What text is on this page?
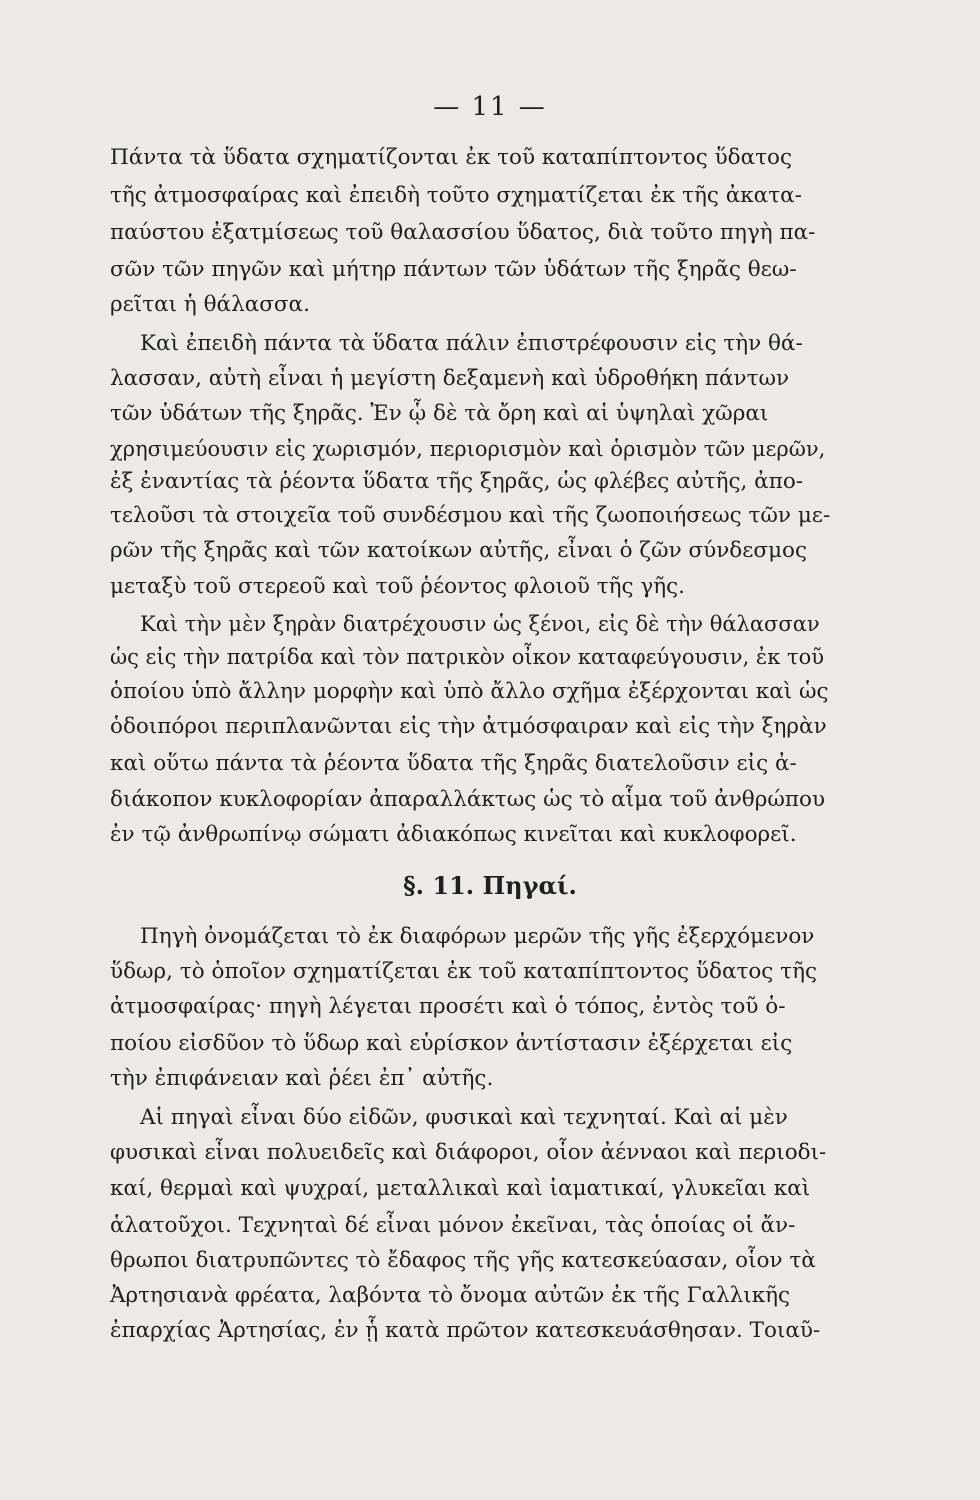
— 11 —
Πάντα τὰ ὕδατα σχηματίζονται ἐκ τοῦ καταπίπτοντος ὕδατος
τῆς ἀτμοσφαίρας καὶ ἐπειδὴ τοῦτο σχηματίζεται ἐκ τῆς ἀκατα-
παύστου ἐξατμίσεως τοῦ θαλασσίου ὕδατος, διὰ τοῦτο πηγὴ πα-
σῶν τῶν πηγῶν καὶ μήτηρ πάντων τῶν ὑδάτων τῆς ξηρᾶς θεω-
ρεῖται ἡ θάλασσα.
Καὶ ἐπειδὴ πάντα τὰ ὕδατα πάλιν ἐπιστρέφουσιν εἰς τὴν θά-
λασσαν, αὐτὴ εἶναι ἡ μεγίστη δεξαμενὴ καὶ ὑδροθήκη πάντων
τῶν ὑδάτων τῆς ξηρᾶς. Ἐν ᾧ δὲ τὰ ὄρη καὶ αἱ ὑψηλαὶ χῶραι
χρησιμεύουσιν εἰς χωρισμόν, περιορισμὸν καὶ ὁρισμὸν τῶν μερῶν,
ἐξ ἐναντίας τὰ ῥέοντα ὕδατα τῆς ξηρᾶς, ὡς φλέβες αὐτῆς, ἀπο-
τελοῦσι τὰ στοιχεῖα τοῦ συνδέσμου καὶ τῆς ζωοποιήσεως τῶν με-
ρῶν τῆς ξηρᾶς καὶ τῶν κατοίκων αὐτῆς, εἶναι ὁ ζῶν σύνδεσμος
μεταξὺ τοῦ στερεοῦ καὶ τοῦ ῥέοντος φλοιοῦ τῆς γῆς.
Καὶ τὴν μὲν ξηρὰν διατρέχουσιν ὡς ξένοι, εἰς δὲ τὴν θάλασσαν
ὡς εἰς τὴν πατρίδα καὶ τὸν πατρικὸν οἶκον καταφεύγουσιν, ἐκ τοῦ
ὁποίου ὑπὸ ἄλλην μορφὴν καὶ ὑπὸ ἄλλο σχῆμα ἐξέρχονται καὶ ὡς
ὁδοιπόροι περιπλανῶνται εἰς τὴν ἀτμόσφαιραν καὶ εἰς τὴν ξηρὰν
καὶ οὕτω πάντα τὰ ῥέοντα ὕδατα τῆς ξηρᾶς διατελοῦσιν εἰς ἀ-
διάκοπον κυκλοφορίαν ἀπαραλλάκτως ὡς τὸ αἷμα τοῦ ἀνθρώπου
ἐν τῷ ἀνθρωπίνῳ σώματι ἀδιακόπως κινεῖται καὶ κυκλοφορεῖ.
§. 11. Πηγαί.
Πηγὴ ὀνομάζεται τὸ ἐκ διαφόρων μερῶν τῆς γῆς ἐξερχόμενον
ὕδωρ, τὸ ὁποῖον σχηματίζεται ἐκ τοῦ καταπίπτοντος ὕδατος τῆς
ἀτμοσφαίρας· πηγὴ λέγεται προσέτι καὶ ὁ τόπος, ἐντὸς τοῦ ὁ-
ποίου εἰσδῦον τὸ ὕδωρ καὶ εὑρίσκον ἀντίστασιν ἐξέρχεται εἰς
τὴν ἐπιφάνειαν καὶ ῥέει ἐπ᾽ αὐτῆς.
Αἱ πηγαὶ εἶναι δύο εἰδῶν, φυσικαὶ καὶ τεχνηταί. Καὶ αἱ μὲν
φυσικαὶ εἶναι πολυειδεῖς καὶ διάφοροι, οἷον ἀένναοι καὶ περιοδι-
καί, θερμαὶ καὶ ψυχραί, μεταλλικαὶ καὶ ἰαματικαί, γλυκεῖαι καὶ
ἁλατοῦχοι. Τεχνηταὶ δέ εἶναι μόνον ἐκεῖναι, τὰς ὁποίας οἱ ἄν-
θρωποι διατρυπῶντες τὸ ἔδαφος τῆς γῆς κατεσκεύασαν, οἷον τὰ
Ἀρτησιανὰ φρέατα, λαβόντα τὸ ὄνομα αὐτῶν ἐκ τῆς Γαλλικῆς
ἐπαρχίας Ἀρτησίας, ἐν ᾗ κατὰ πρῶτον κατεσκευάσθησαν. Τοιαῦ-
